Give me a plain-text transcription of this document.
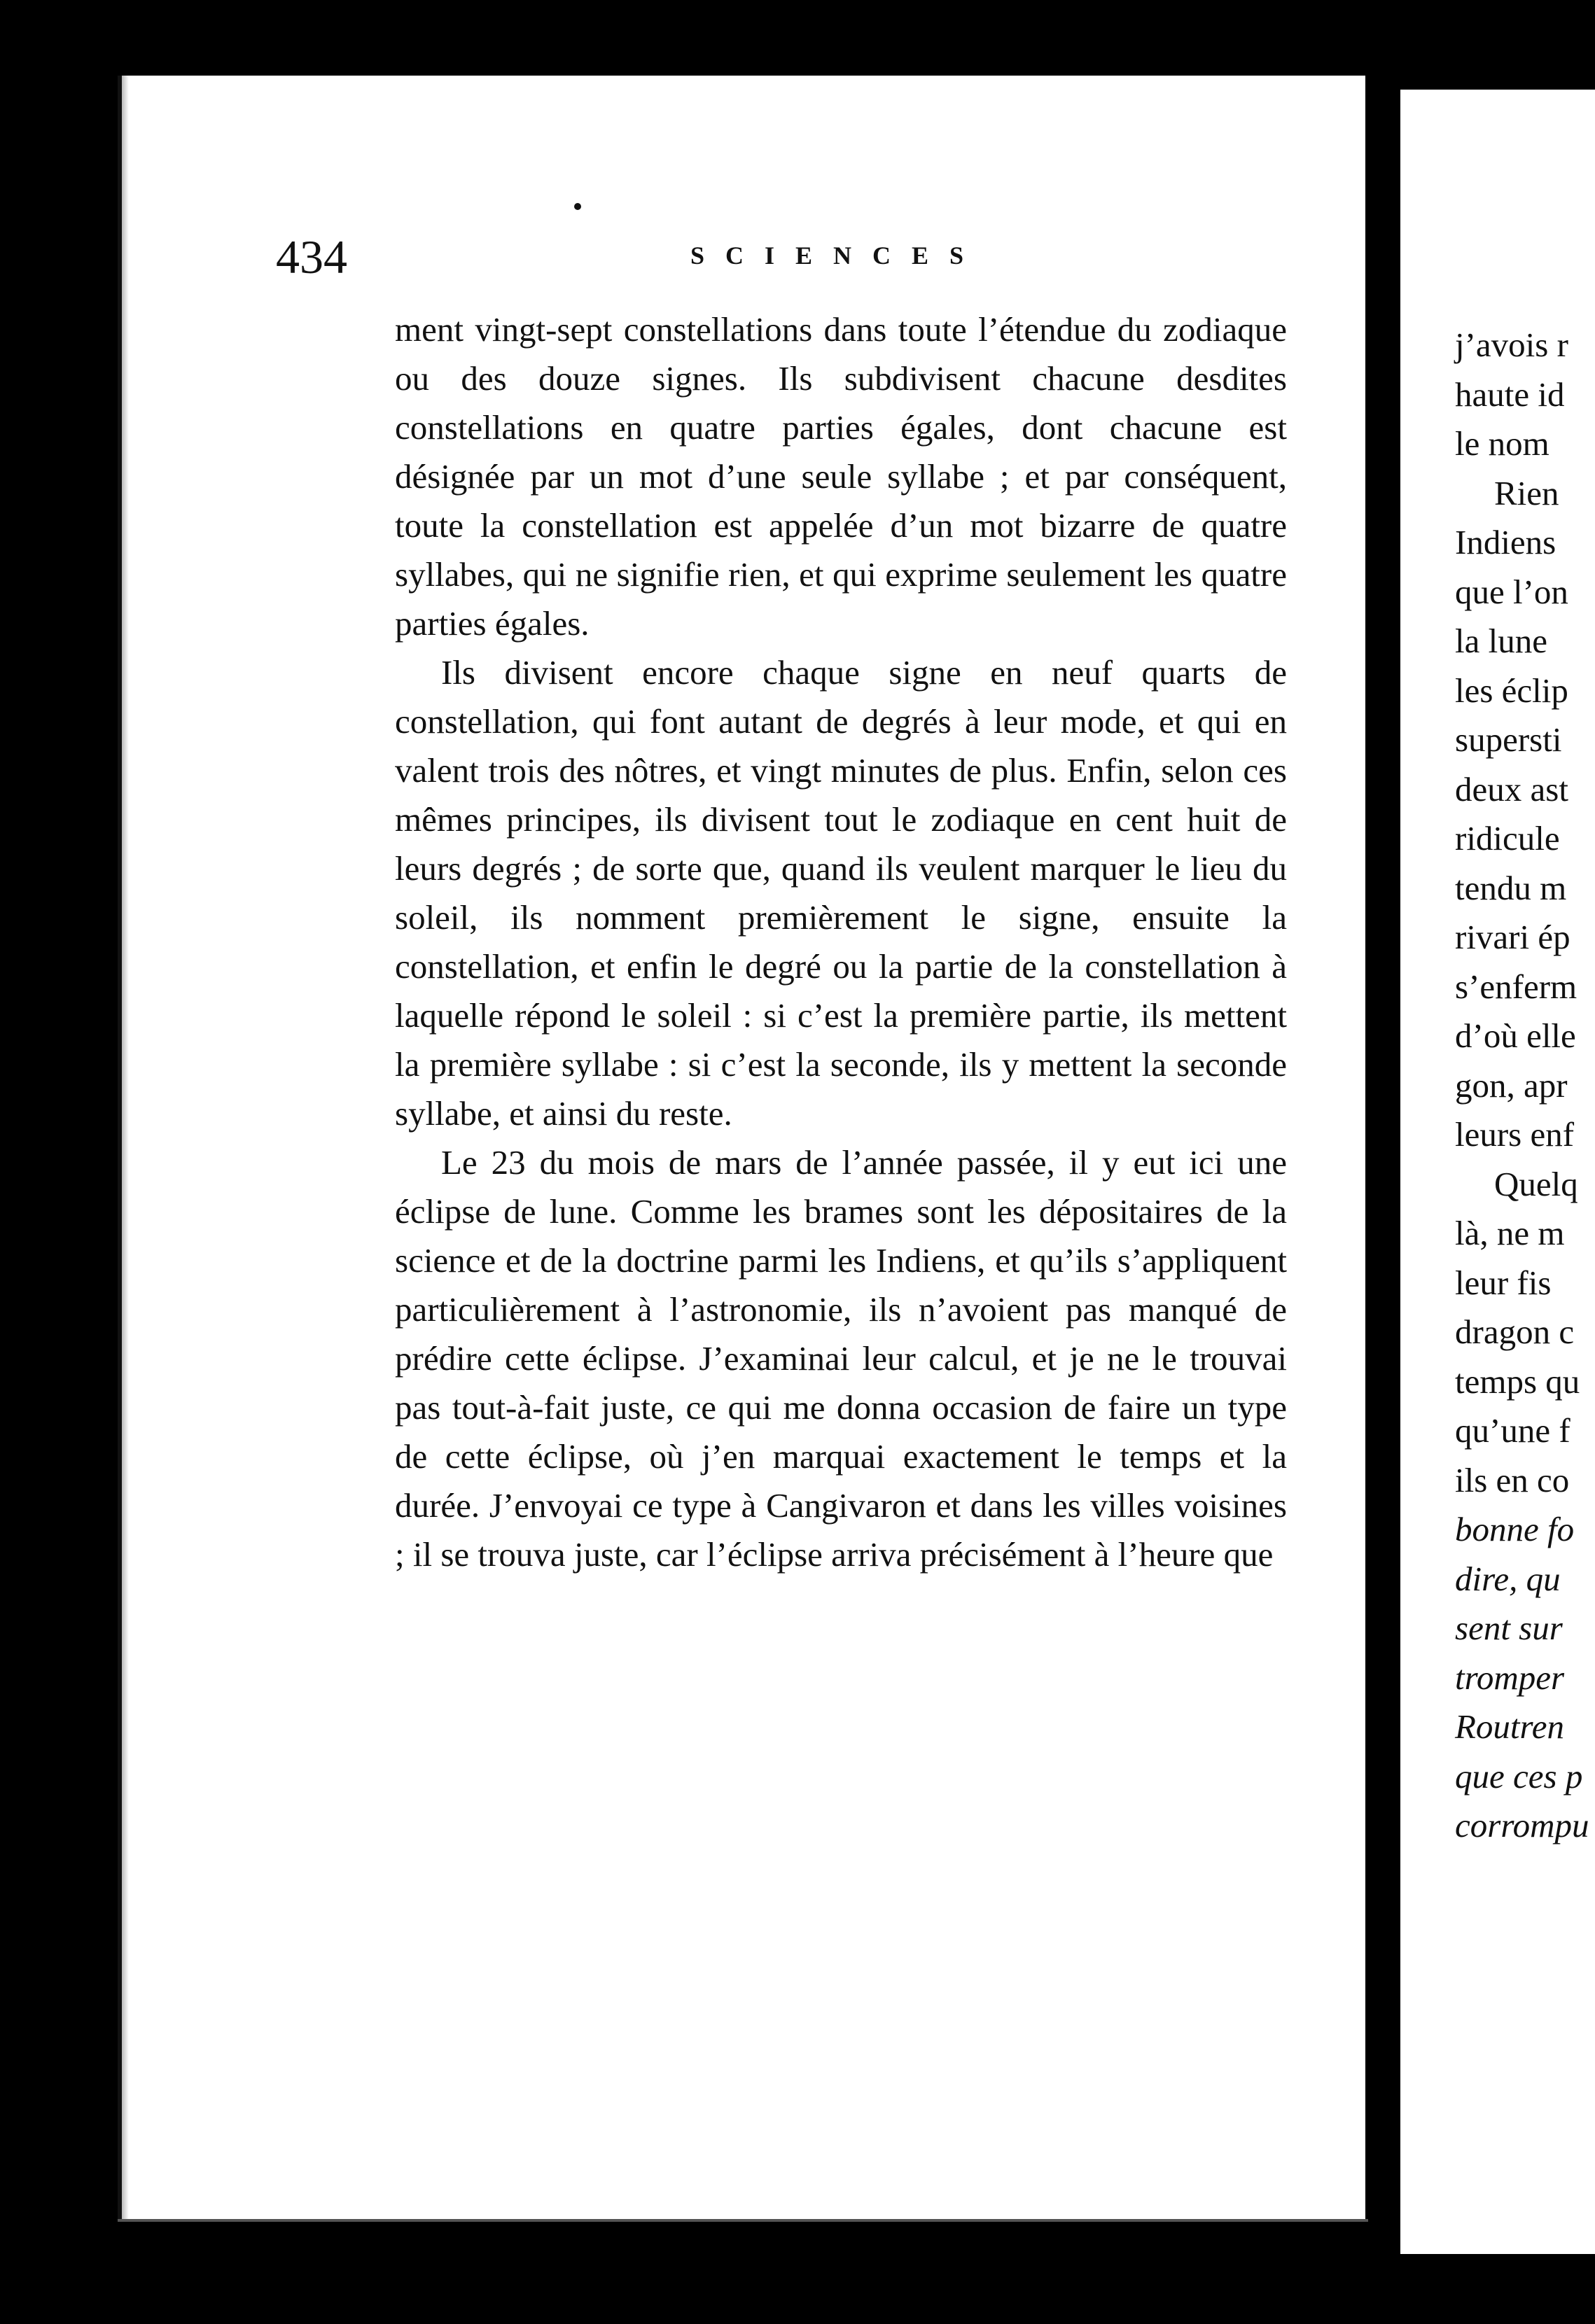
434	SCIENCES

ment vingt-sept constellations dans toute l’étendue du zodiaque ou des douze signes. Ils subdivisent chacune desdites constellations en quatre parties égales, dont chacune est désignée par un mot d’une seule syllabe ; et par conséquent, toute la constellation est appelée d’un mot bizarre de quatre syllabes, qui ne signifie rien, et qui exprime seulement les quatre parties égales.

Ils divisent encore chaque signe en neuf quarts de constellation, qui font autant de degrés à leur mode, et qui en valent trois des nôtres, et vingt minutes de plus. Enfin, selon ces mêmes principes, ils divisent tout le zodiaque en cent huit de leurs degrés ; de sorte que, quand ils veulent marquer le lieu du soleil, ils nomment premièrement le signe, ensuite la constellation, et enfin le degré ou la partie de la constellation à laquelle répond le soleil : si c’est la première partie, ils mettent la première syllabe : si c’est la seconde, ils y mettent la seconde syllabe, et ainsi du reste.

Le 23 du mois de mars de l’année passée, il y eut ici une éclipse de lune. Comme les brames sont les dépositaires de la science et de la doctrine parmi les Indiens, et qu’ils s’appliquent particulièrement à l’astronomie, ils n’avoient pas manqué de prédire cette éclipse. J’examinai leur calcul, et je ne le trouvai pas tout-à-fait juste, ce qui me donna occasion de faire un type de cette éclipse, où j’en marquai exactement le temps et la durée. J’envoyai ce type à Cangivaron et dans les villes voisines ; il se trouva juste, car l’éclipse arriva précisément à l’heure que

j’avois r
haute id
le nom
Rien
Indiens
que l’on
la lune
les éclip
supersti
deux ast
ridicule
tendu m
rivari ép
s’enferm
d’où elle
gon, apr
leurs enf
Quelq
là, ne m
leur fis
dragon c
temps qu
qu’une f
ils en co
bonne fo
dire, qu
sent sur
tromper
Routren
que ces p
corrompu
